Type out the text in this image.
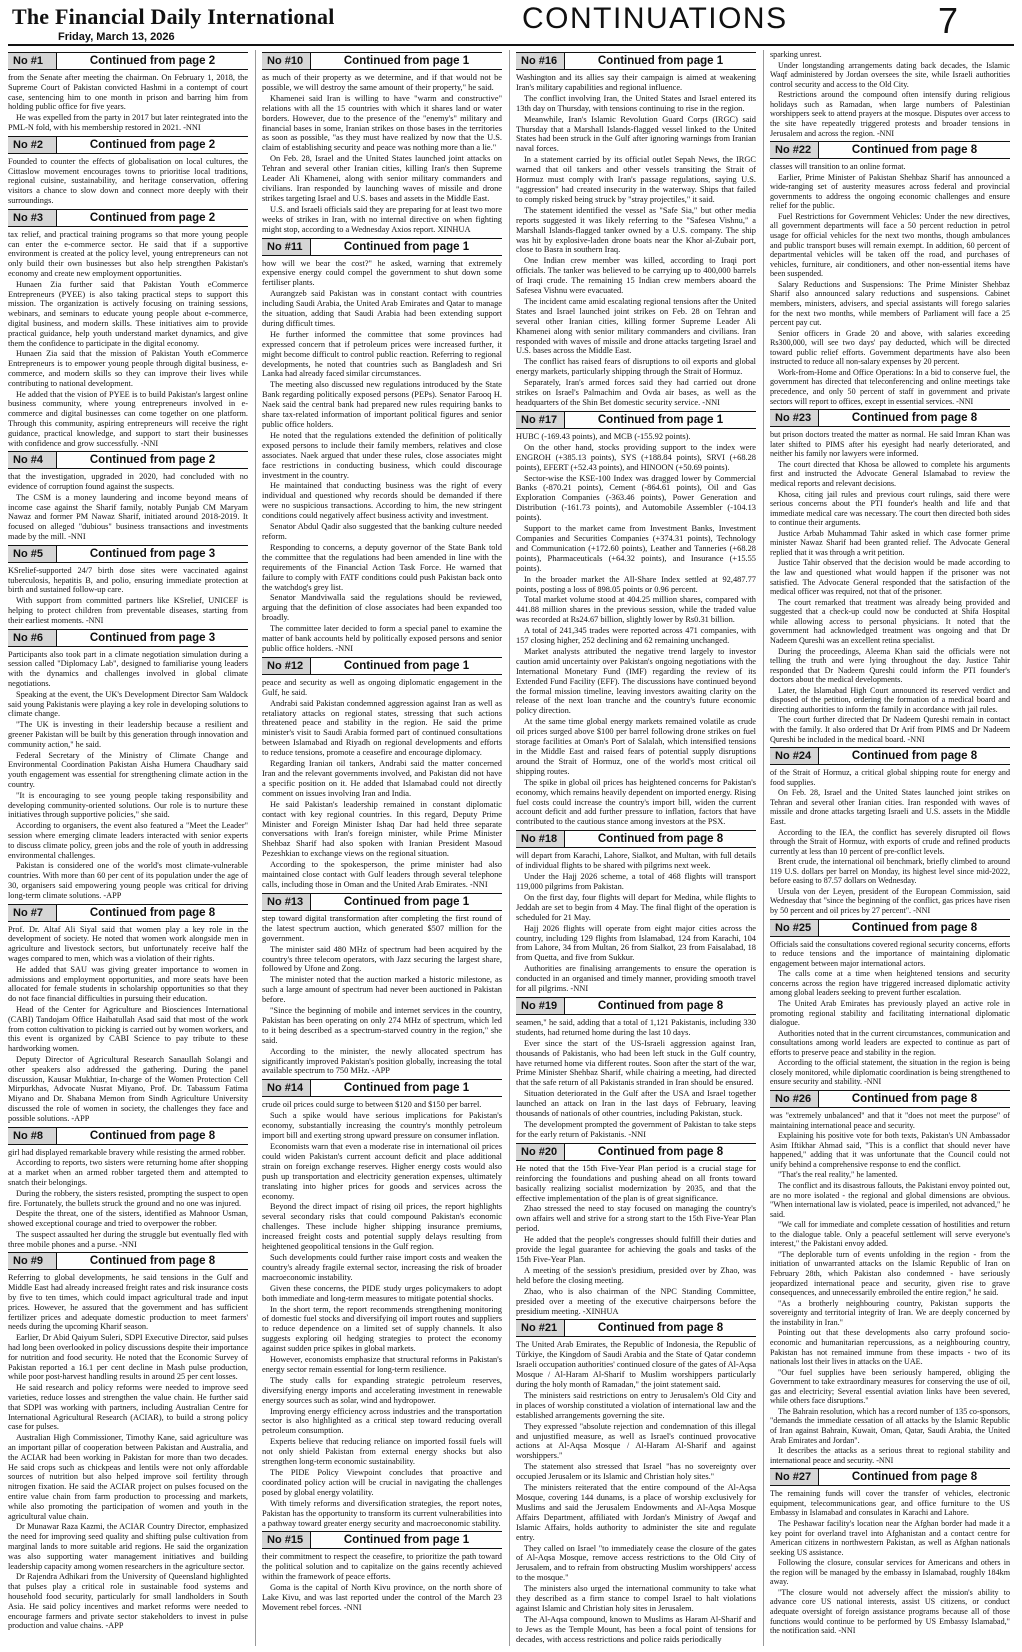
The Financial Daily International
Friday, March 13, 2026
CONTINUATIONS	7
No #1	Continued from page 2

from the Senate after meeting the chairman. On February 1, 2018, the Supreme Court of Pakistan convicted Hashmi in a contempt of court case, sentencing him to one month in prison and barring him from holding public office for five years.

He was expelled from the party in 2017 but later reintegrated into the PML-N fold, with his membership restored in 2021. -NNI

No #2	Continued from page 2

Founded to counter the effects of globalisation on local cultures, the Cittaslow movement encourages towns to prioritise local traditions, regional cuisine, sustainability, and heritage conservation, offering visitors a chance to slow down and connect more deeply with their surroundings.

No #3	Continued from page 2

tax relief, and practical training programs so that more young people can enter the e-commerce sector. He said that if a supportive environment is created at the policy level, young entrepreneurs can not only build their own businesses but also help strengthen Pakistan's economy and create new employment opportunities.

Hunaen Zia further said that Pakistan Youth eCommerce Entrepreneurs (PYEE) is also taking practical steps to support this mission. The organization is actively focusing on training sessions, webinars, and seminars to educate young people about e-commerce, digital business, and modern skills. These initiatives aim to provide practical guidance, help youth understand market dynamics, and give them the confidence to participate in the digital economy.

Hunaen Zia said that the mission of Pakistan Youth eCommerce Entrepreneurs is to empower young people through digital business, e-commerce, and modern skills so they can improve their lives while contributing to national development.

He added that the vision of PYEE is to build Pakistan's largest online business community, where young entrepreneurs involved in e-commerce and digital businesses can come together on one platform. Through this community, aspiring entrepreneurs will receive the right guidance, practical knowledge, and support to start their businesses with confidence and grow successfully. -NNI

No #4	Continued from page 2

that the investigation, upgraded in 2020, had concluded with no evidence of corruption found against the suspects.

The CSM is a money laundering and income beyond means of income case against the Sharif family, notably Punjab CM Maryam Nawaz and former PM Nawaz Sharif, initiated around 2018-2019. It focused on alleged "dubious" business transactions and investments made by the mill. -NNI

No #5	Continued from page 3

KSrelief-supported 24/7 birth dose sites were vaccinated against tuberculosis, hepatitis B, and polio, ensuring immediate protection at birth and sustained follow-up care.

With support from committed partners like KSrelief, UNICEF is helping to protect children from preventable diseases, starting from their earliest moments. -NNI

No #6	Continued from page 3

Participants also took part in a climate negotiation simulation during a session called "Diplomacy Lab", designed to familiarise young leaders with the dynamics and challenges involved in global climate negotiations.

Speaking at the event, the UK's Development Director Sam Waldock said young Pakistanis were playing a key role in developing solutions to climate change.

"The UK is investing in their leadership because a resilient and greener Pakistan will be built by this generation through innovation and community action," he said.

Federal Secretary of the Ministry of Climate Change and Environmental Coordination Pakistan Aisha Humera Chaudhary said youth engagement was essential for strengthening climate action in the country.

"It is encouraging to see young people taking responsibility and developing community-oriented solutions. Our role is to nurture these initiatives through supportive policies," she said.

According to organisers, the event also featured a "Meet the Leader" session where emerging climate leaders interacted with senior experts to discuss climate policy, green jobs and the role of youth in addressing environmental challenges.

Pakistan is considered one of the world's most climate-vulnerable countries. With more than 60 per cent of its population under the age of 30, organisers said empowering young people was critical for driving long-term climate solutions. -APP

No #7	Continued from page 8

Prof. Dr. Altaf Ali Siyal said that women play a key role in the development of society. He noted that women work alongside men in agriculture and livestock sectors, but unfortunately receive half the wages compared to men, which was a violation of their rights.

He added that SAU was giving greater importance to women in admissions and employment opportunities, and more seats have been allocated for female students in scholarship opportunities so that they do not face financial difficulties in pursuing their education.

Head of the Center for Agriculture and Biosciences International (CABI) Tandojam Office Haibatullah Asad said that most of the work from cotton cultivation to picking is carried out by women workers, and this event is organized by CABI Science to pay tribute to these hardworking women.

Deputy Director of Agricultural Research Sanaullah Solangi and other speakers also addressed the gathering. During the panel discussion, Kausar Mukhtiar, In-charge of the Women Protection Cell Mirpurkhas, Advocate Nusrat Miyano, Prof. Dr. Tabassum Fatima Miyano and Dr. Shabana Memon from Sindh Agriculture University discussed the role of women in society, the challenges they face and possible solutions. -APP

No #8	Continued from page 8

girl had displayed remarkable bravery while resisting the armed robber.

According to reports, two sisters were returning home after shopping at a market when an armed robber targeted them and attempted to snatch their belongings.

During the robbery, the sisters resisted, prompting the suspect to open fire. Fortunately, the bullets struck the ground and no one was injured.

Despite the threat, one of the sisters, identified as Mahnoor Usman, showed exceptional courage and tried to overpower the robber.

The suspect assaulted her during the struggle but eventually fled with three mobile phones and a purse. -NNI

No #9	Continued from page 8

Referring to global developments, he said tensions in the Gulf and Middle East had already increased freight rates and risk insurance costs by five to ten times, which could impact agricultural trade and input prices. However, he assured that the government and has sufficient fertilizer prices and adequate domestic production to meet farmers' needs during the upcoming Kharif season.

Earlier, Dr Abid Qaiyum Suleri, SDPI Executive Director, said pulses had long been overlooked in policy discussions despite their importance for nutrition and food security. He noted that the Economic Survey of Pakistan reported a 16.1 per cent decline in Mash pulse production, while poor post-harvest handling results in around 25 per cent losses.

He said research and policy reforms were needed to improve seed varieties, reduce losses and strengthen the value chain. He further said that SDPI was working with partners, including Australian Centre for International Agricultural Research (ACIAR), to build a strong policy case for pulses.

Australian High Commissioner, Timothy Kane, said agriculture was an important pillar of cooperation between Pakistan and Australia, and the ACIAR had been working in Pakistan for more than two decades. He said crops such as chickpeas and lentils were not only affordable sources of nutrition but also helped improve soil fertility through nitrogen fixation. He said the ACIAR project on pulses focused on the entire value chain from farm production to processing and markets, while also promoting the participation of women and youth in the agricultural value chain.

Dr Munawar Raza Kazmi, the ACIAR Country Director, emphasized the need for improving seed quality and shifting pulse cultivation from marginal lands to more suitable arid regions. He said the organization was also supporting water management initiatives and building leadership capacity among women researchers in the agriculture sector.

Dr Rajendra Adhikari from the University of Queensland highlighted that pulses play a critical role in sustainable food systems and household food security, particularly for small landholders in South Asia. He said policy incentives and market reforms were needed to encourage farmers and private sector stakeholders to invest in pulse production and value chains. -APP

No #10	Continued from page 1

as much of their property as we determine, and if that would not be possible, we will destroy the same amount of their property," he said.

Khamenei said Iran is willing to have "warm and constructive" relations with all the 15 countries with which it shares land or water borders. However, due to the presence of the "enemy's" military and financial bases in some, Iranian strikes on those bases in the territories as soon as possible, "as they must have realized by now that the U.S. claim of establishing security and peace was nothing more than a lie."

On Feb. 28, Israel and the United States launched joint attacks on Tehran and several other Iranian cities, killing Iran's then Supreme Leader Ali Khamenei, along with senior military commanders and civilians. Iran responded by launching waves of missile and drone strikes targeting Israel and U.S. bases and assets in the Middle East.

U.S. and Israeli officials said they are preparing for at least two more weeks of strikes in Iran, with no internal directive on when fighting might stop, according to a Wednesday Axios report. XINHUA

No #11	Continued from page 1

how will we bear the cost?" he asked, warning that extremely expensive energy could compel the government to shut down some fertiliser plants.

Aurangzeb said Pakistan was in constant contact with countries including Saudi Arabia, the United Arab Emirates and Qatar to manage the situation, adding that Saudi Arabia had been extending support during difficult times.

He further informed the committee that some provinces had expressed concern that if petroleum prices were increased further, it might become difficult to control public reaction. Referring to regional developments, he noted that countries such as Bangladesh and Sri Lanka had already faced similar circumstances.

The meeting also discussed new regulations introduced by the State Bank regarding politically exposed persons (PEPs). Senator Farooq H. Naek said the central bank had prepared new rules requiring banks to share tax-related information of important political figures and senior public office holders.

He noted that the regulations extended the definition of politically exposed persons to include their family members, relatives and close associates. Naek argued that under these rules, close associates might face restrictions in conducting business, which could discourage investment in the country.

He maintained that conducting business was the right of every individual and questioned why records should be demanded if there were no suspicious transactions. According to him, the new stringent conditions could negatively affect business activity and investment.

Senator Abdul Qadir also suggested that the banking culture needed reform.

Responding to concerns, a deputy governor of the State Bank told the committee that the regulations had been amended in line with the requirements of the Financial Action Task Force. He warned that failure to comply with FATF conditions could push Pakistan back onto the watchdog's grey list.

Senator Mandviwalla said the regulations should be reviewed, arguing that the definition of close associates had been expanded too broadly.

The committee later decided to form a special panel to examine the matter of bank accounts held by politically exposed persons and senior public office holders. -NNI

No #12	Continued from page 1

peace and security as well as ongoing diplomatic engagement in the Gulf, he said.

Andrabi said Pakistan condemned aggression against Iran as well as retaliatory attacks on regional states, stressing that such actions threatened peace and stability in the region. He said the prime minister's visit to Saudi Arabia formed part of continued consultations between Islamabad and Riyadh on regional developments and efforts to reduce tensions, promote a ceasefire and encourage diplomacy.

Regarding Iranian oil tankers, Andrabi said the matter concerned Iran and the relevant governments involved, and Pakistan did not have a specific position on it. He added that Islamabad could not directly comment on issues involving Iran and India.

He said Pakistan's leadership remained in constant diplomatic contact with key regional countries. In this regard, Deputy Prime Minister and Foreign Minister Ishaq Dar had held three separate conversations with Iran's foreign minister, while Prime Minister Shehbaz Sharif had also spoken with Iranian President Masoud Pezeshkian to exchange views on the regional situation.

According to the spokesperson, the prime minister had also maintained close contact with Gulf leaders through several telephone calls, including those in Oman and the United Arab Emirates. -NNI

No #13	Continued from page 1

step toward digital transformation after completing the first round of the latest spectrum auction, which generated $507 million for the government.

The minister said 480 MHz of spectrum had been acquired by the country's three telecom operators, with Jazz securing the largest share, followed by Ufone and Zong.

The minister noted that the auction marked a historic milestone, as such a large amount of spectrum had never been auctioned in Pakistan before.

"Since the beginning of mobile and internet services in the country, Pakistan has been operating on only 274 MHz of spectrum, which led to it being described as a spectrum-starved country in the region," she said.

According to the minister, the newly allocated spectrum has significantly improved Pakistan's position globally, increasing the total available spectrum to 750 MHz. -APP

No #14	Continued from page 1

crude oil prices could surge to between $120 and $150 per barrel.

Such a spike would have serious implications for Pakistan's economy, substantially increasing the country's monthly petroleum import bill and exerting strong upward pressure on consumer inflation.

Economists warn that even a moderate rise in international oil prices could widen Pakistan's current account deficit and place additional strain on foreign exchange reserves. Higher energy costs would also push up transportation and electricity generation expenses, ultimately translating into higher prices for goods and services across the economy.

Beyond the direct impact of rising oil prices, the report highlights several secondary risks that could compound Pakistan's economic challenges. These include higher shipping insurance premiums, increased freight costs and potential supply delays resulting from heightened geopolitical tensions in the Gulf region.

Such developments could further raise import costs and weaken the country's already fragile external sector, increasing the risk of broader macroeconomic instability.

Given these concerns, the PIDE study urges policymakers to adopt both immediate and long-term measures to mitigate potential shocks.

In the short term, the report recommends strengthening monitoring of domestic fuel stocks and diversifying oil import routes and suppliers to reduce dependence on a limited set of supply channels. It also suggests exploring oil hedging strategies to protect the economy against sudden price spikes in global markets.

However, economists emphasize that structural reforms in Pakistan's energy sector remain essential for long-term resilience.

The study calls for expanding strategic petroleum reserves, diversifying energy imports and accelerating investment in renewable energy sources such as solar, wind and hydropower.

Improving energy efficiency across industries and the transportation sector is also highlighted as a critical step toward reducing overall petroleum consumption.

Experts believe that reducing reliance on imported fossil fuels will not only shield Pakistan from external energy shocks but also strengthen long-term economic sustainability.

The PIDE Policy Viewpoint concludes that proactive and coordinated policy action will be crucial in navigating the challenges posed by global energy volatility.

With timely reforms and diversification strategies, the report notes, Pakistan has the opportunity to transform its current vulnerabilities into a pathway toward greater energy security and macroeconomic stability.

No #15	Continued from page 1

their commitment to respect the ceasefire, to prioritize the path toward the political solution and to capitalize on the gains recently achieved within the framework of peace efforts.

Goma is the capital of North Kivu province, on the north shore of Lake Kivu, and was last reported under the control of the March 23 Movement rebel forces. -NNI

No #16	Continued from page 1

Washington and its allies say their campaign is aimed at weakening Iran's military capabilities and regional influence.

The conflict involving Iran, the United States and Israel entered its 13th day on Thursday, with tensions continuing to rise in the region.

Meanwhile, Iran's Islamic Revolution Guard Corps (IRGC) said Thursday that a Marshall Islands-flagged vessel linked to the United States had been struck in the Gulf after ignoring warnings from Iranian naval forces.

In a statement carried by its official outlet Sepah News, the IRGC warned that oil tankers and other vessels transiting the Strait of Hormuz must comply with Iran's passage regulations, saying U.S. "aggression" had created insecurity in the waterway. Ships that failed to comply risked being struck by "stray projectiles," it said.

The statement identified the vessel as "Safe Sia," but other media reports suggested it was likely referring to the "Safesea Vishnu," a Marshall Islands-flagged tanker owned by a U.S. company. The ship was hit by explosive-laden drone boats near the Khor al-Zubair port, close to Basra in southern Iraq.

One Indian crew member was killed, according to Iraqi port officials. The tanker was believed to be carrying up to 400,000 barrels of Iraqi crude. The remaining 15 Indian crew members aboard the Safesea Vishnu were evacuated.

The incident came amid escalating regional tensions after the United States and Israel launched joint strikes on Feb. 28 on Tehran and several other Iranian cities, killing former Supreme Leader Ali Khamenei along with senior military commanders and civilians. Iran responded with waves of missile and drone attacks targeting Israel and U.S. bases across the Middle East.

The conflict has raised fears of disruptions to oil exports and global energy markets, particularly shipping through the Strait of Hormuz.

Separately, Iran's armed forces said they had carried out drone strikes on Israel's Palmachim and Ovda air bases, as well as the headquarters of the Shin Bet domestic security service. -NNI

No #17	Continued from page 1

HUBC (-169.43 points), and MCB (-155.92 points).

On the other hand, stocks providing support to the index were ENGROH (+385.13 points), SYS (+188.84 points), SRVI (+68.28 points), EFERT (+52.43 points), and HINOON (+50.69 points).

Sector-wise the KSE-100 Index was dragged lower by Commercial Banks (-870.21 points), Cement (-864.61 points), Oil and Gas Exploration Companies (-363.46 points), Power Generation and Distribution (-161.73 points), and Automobile Assembler (-104.13 points).

Support to the market came from Investment Banks, Investment Companies and Securities Companies (+374.31 points), Technology and Communication (+172.60 points), Leather and Tanneries (+68.28 points), Pharmaceuticals (+64.32 points), and Insurance (+15.55 points).

In the broader market the All-Share Index settled at 92,487.77 points, posting a loss of 898.05 points or 0.96 percent.

Total market volume stood at 404.25 million shares, compared with 441.88 million shares in the previous session, while the traded value was recorded at Rs24.67 billion, slightly lower by Rs0.31 billion.

A total of 241,345 trades were reported across 471 companies, with 157 closing higher, 252 declining and 62 remaining unchanged.

Market analysts attributed the negative trend largely to investor caution amid uncertainty over Pakistan's ongoing negotiations with the International Monetary Fund (IMF) regarding the review of its Extended Fund Facility (EFF). The discussions have continued beyond the formal mission timeline, leaving investors awaiting clarity on the release of the next loan tranche and the country's future economic policy direction.

At the same time global energy markets remained volatile as crude oil prices surged above $100 per barrel following drone strikes on fuel storage facilities at Oman's Port of Salalah, which intensified tensions in the Middle East and raised fears of potential supply disruptions around the Strait of Hormuz, one of the world's most critical oil shipping routes.

The spike in global oil prices has heightened concerns for Pakistan's economy, which remains heavily dependent on imported energy. Rising fuel costs could increase the country's import bill, widen the current account deficit and add further pressure to inflation, factors that have contributed to the cautious stance among investors at the PSX.

No #18	Continued from page 8

will depart from Karachi, Lahore, Sialkot, and Multan, with full details of individual flights to be shared with pilgrims next week.

Under the Hajj 2026 scheme, a total of 468 flights will transport 119,000 pilgrims from Pakistan.

On the first day, four flights will depart for Medina, while flights to Jeddah are set to begin from 4 May. The final flight of the operation is scheduled for 21 May.

Hajj 2026 flights will operate from eight major cities across the country, including 129 flights from Islamabad, 124 from Karachi, 104 from Lahore, 34 from Multan, 26 from Sialkot, 23 from Faisalabad, 18 from Quetta, and five from Sukkur.

Authorities are finalising arrangements to ensure the operation is conducted in an organised and timely manner, providing smooth travel for all pilgrims. -NNI

No #19	Continued from page 8

seamen," he said, adding that a total of 1,121 Pakistanis, including 330 students, had returned home during the last 10 days.

Ever since the start of the US-Israeli aggression against Iran, thousands of Pakistanis, who had been left stuck in the Gulf country, have returned home via different routes. Soon after the start of the war, Prime Minister Shehbaz Sharif, while chairing a meeting, had directed that the safe return of all Pakistanis stranded in Iran should be ensured.

Situation deteriorated in the Gulf after the USA and Israel together launched an attack on Iran in the last days of February, leaving thousands of nationals of other countries, including Pakistan, stuck.

The development prompted the government of Pakistan to take steps for the early return of Pakistanis. -NNI

No #20	Continued from page 8

He noted that the 15th Five-Year Plan period is a crucial stage for reinforcing the foundations and pushing ahead on all fronts toward basically realizing socialist modernization by 2035, and that the effective implementation of the plan is of great significance.

Zhao stressed the need to stay focused on managing the country's own affairs well and strive for a strong start to the 15th Five-Year Plan period.

He added that the people's congresses should fulfill their duties and provide the legal guarantee for achieving the goals and tasks of the 15th Five-Year Plan.

A meeting of the session's presidium, presided over by Zhao, was held before the closing meeting.

Zhao, who is also chairman of the NPC Standing Committee, presided over a meeting of the executive chairpersons before the presidium meeting. -XINHUA

No #21	Continued from page 8

The United Arab Emirates, the Republic of Indonesia, the Republic of Türkiye, the Kingdom of Saudi Arabia and the State of Qatar condemn Israeli occupation authorities' continued closure of the gates of Al-Aqsa Mosque / Al-Haram Al-Sharif to Muslim worshippers particularly during the holy month of Ramadan," the joint statement said.

The ministers said restrictions on entry to Jerusalem's Old City and in places of worship constituted a violation of international law and the established arrangements governing the site.

They expressed "absolute rejection and condemnation of this illegal and unjustified measure, as well as Israel's continued provocative actions at Al-Aqsa Mosque / Al-Haram Al-Sharif and against worshippers."

The statement also stressed that Israel "has no sovereignty over occupied Jerusalem or its Islamic and Christian holy sites."

The ministers reiterated that the entire compound of the Al-Aqsa Mosque, covering 144 dunams, is a place of worship exclusively for Muslims and said the Jerusalem Endowments and Al-Aqsa Mosque Affairs Department, affiliated with Jordan's Ministry of Awqaf and Islamic Affairs, holds authority to administer the site and regulate entry.

They called on Israel "to immediately cease the closure of the gates of Al-Aqsa Mosque, remove access restrictions to the Old City of Jerusalem, and to refrain from obstructing Muslim worshippers' access to the mosque."

The ministers also urged the international community to take what they described as a firm stance to compel Israel to halt violations against Islamic and Christian holy sites in Jerusalem.

The Al-Aqsa compound, known to Muslims as Haram Al-Sharif and to Jews as the Temple Mount, has been a focal point of tensions for decades, with access restrictions and police raids periodically

sparking unrest.

Under longstanding arrangements dating back decades, the Islamic Waqf administered by Jordan oversees the site, while Israeli authorities control security and access to the Old City.

Restrictions around the compound often intensify during religious holidays such as Ramadan, when large numbers of Palestinian worshippers seek to attend prayers at the mosque. Disputes over access to the site have repeatedly triggered protests and broader tensions in Jerusalem and across the region. -NNI

No #22	Continued from page 8

classes will transition to an online format.

Earlier, Prime Minister of Pakistan Shehbaz Sharif has announced a wide-ranging set of austerity measures across federal and provincial governments to address the ongoing economic challenges and ensure relief for the public.

Fuel Restrictions for Government Vehicles: Under the new directives, all government departments will face a 50 percent reduction in petrol usage for official vehicles for the next two months, though ambulances and public transport buses will remain exempt. In addition, 60 percent of departmental vehicles will be taken off the road, and purchases of vehicles, furniture, air conditioners, and other non-essential items have been suspended.

Salary Reductions and Suspensions: The Prime Minister Shehbaz Sharif also announced salary reductions and suspensions. Cabinet members, ministers, advisers, and special assistants will forego salaries for the next two months, while members of Parliament will face a 25 percent pay cut.

Senior officers in Grade 20 and above, with salaries exceeding Rs300,000, will see two days' pay deducted, which will be directed toward public relief efforts. Government departments have also been instructed to reduce all non-salary expenses by 20 percent.

Work-from-Home and Office Operations: In a bid to conserve fuel, the government has directed that teleconferencing and online meetings take precedence, and only 50 percent of staff in government and private sectors will report to offices, except in essential services. -NNI

No #23	Continued from page 8

but prison doctors treated the matter as normal. He said Imran Khan was later shifted to PIMS after his eyesight had nearly deteriorated, and neither his family nor lawyers were informed.

The court directed that Khosa be allowed to complete his arguments first and instructed the Advocate General Islamabad to review the medical reports and relevant decisions.

Khosa, citing jail rules and previous court rulings, said there were serious concerns about the PTI founder's health and life and that immediate medical care was necessary. The court then directed both sides to continue their arguments.

Justice Arbab Muhammad Tahir asked in which case former prime minister Nawaz Sharif had been granted relief. The Advocate General replied that it was through a writ petition.

Justice Tahir observed that the decision would be made according to the law and questioned what would happen if the prisoner was not satisfied. The Advocate General responded that the satisfaction of the medical officer was required, not that of the prisoner.

The court remarked that treatment was already being provided and suggested that a check-up could now be conducted at Shifa Hospital while allowing access to personal physicians. It noted that the government had acknowledged treatment was ongoing and that Dr Nadeem Qureshi was an excellent retina specialist.

During the proceedings, Aleema Khan said the officials were not telling the truth and were lying throughout the day. Justice Tahir responded that Dr Nadeem Qureshi could inform the PTI founder's doctors about the medical developments.

Later, the Islamabad High Court announced its reserved verdict and disposed of the petition, ordering the formation of a medical board and directing authorities to inform the family in accordance with jail rules.

The court further directed that Dr Nadeem Qureshi remain in contact with the family. It also ordered that Dr Arif from PIMS and Dr Nadeem Qureshi be included in the medical board. -NNI

No #24	Continued from page 8

of the Strait of Hormuz, a critical global shipping route for energy and food supplies.

On Feb. 28, Israel and the United States launched joint strikes on Tehran and several other Iranian cities. Iran responded with waves of missile and drone attacks targeting Israeli and U.S. assets in the Middle East.

According to the IEA, the conflict has severely disrupted oil flows through the Strait of Hormuz, with exports of crude and refined products currently at less than 10 percent of pre-conflict levels.

Brent crude, the international oil benchmark, briefly climbed to around 119 U.S. dollars per barrel on Monday, its highest level since mid-2022, before easing to 87.57 dollars on Wednesday.

Ursula von der Leyen, president of the European Commission, said Wednesday that "since the beginning of the conflict, gas prices have risen by 50 percent and oil prices by 27 percent". -NNI

No #25	Continued from page 8

Officials said the consultations covered regional security concerns, efforts to reduce tensions and the importance of maintaining diplomatic engagement between major international actors.

The calls come at a time when heightened tensions and security concerns across the region have triggered increased diplomatic activity among global leaders seeking to prevent further escalation.

The United Arab Emirates has previously played an active role in promoting regional stability and facilitating international diplomatic dialogue.

Authorities noted that in the current circumstances, communication and consultations among world leaders are expected to continue as part of efforts to preserve peace and stability in the region.

According to the official statement, the situation in the region is being closely monitored, while diplomatic coordination is being strengthened to ensure security and stability. -NNI

No #26	Continued from page 8

was "extremely unbalanced" and that it "does not meet the purpose" of maintaining international peace and security.

Explaining his positive vote for both texts, Pakistan's UN Ambassador Asim Iftikhar Ahmad said, "This is a conflict that should never have happened," adding that it was unfortunate that the Council could not unify behind a comprehensive response to end the conflict.

"That's the real reality," he lamented.

The conflict and its disastrous fallouts, the Pakistani envoy pointed out, are no more isolated - the regional and global dimensions are obvious. "When international law is violated, peace is imperiled, not advanced," he said.

"We call for immediate and complete cessation of hostilities and return to the dialogue table. Only a peaceful settlement will serve everyone's interest," the Pakistani envoy added.

"The deplorable turn of events unfolding in the region - from the initiation of unwarranted attacks on the Islamic Republic of Iran on February 28th, which Pakistan also condemned - have seriously jeopardized international peace and security, given rise to grave consequences, and unnecessarily embroiled the entire region," he said.

"As a brotherly neighbouring country, Pakistan supports the sovereignty and territorial integrity of Iran. We are deeply concerned by the instability in Iran."

Pointing out that these developments also carry profound socio-economic and humanitarian repercussions, as a neighbouring country, Pakistan has not remained immune from these impacts - two of its nationals lost their lives in attacks on the UAE.

"Our fuel supplies have been seriously hampered, obliging the Government to take extraordinary measures for conserving the use of oil, gas and electricity; Several essential aviation links have been severed, while others face disruptions."

The Bahrain resolution, which has a record number of 135 co-sponsors, "demands the immediate cessation of all attacks by the Islamic Republic of Iran against Bahrain, Kuwait, Oman, Qatar, Saudi Arabia, the United Arab Emirates and Jordan".

It describes the attacks as a serious threat to regional stability and international peace and security. -NNI

No #27	Continued from page 8

The remaining funds will cover the transfer of vehicles, electronic equipment, telecommunications gear, and office furniture to the US Embassy in Islamabad and consulates in Karachi and Lahore.

The Peshawar facility's location near the Afghan border had made it a key point for overland travel into Afghanistan and a contact centre for American citizens in northwestern Pakistan, as well as Afghan nationals seeking US assistance.

Following the closure, consular services for Americans and others in the region will be managed by the embassy in Islamabad, roughly 184km away.

"The closure would not adversely affect the mission's ability to advance core US national interests, assist US citizens, or conduct adequate oversight of foreign assistance programs because all of those functions would continue to be performed by US Embassy Islamabad," the notification said. -NNI
